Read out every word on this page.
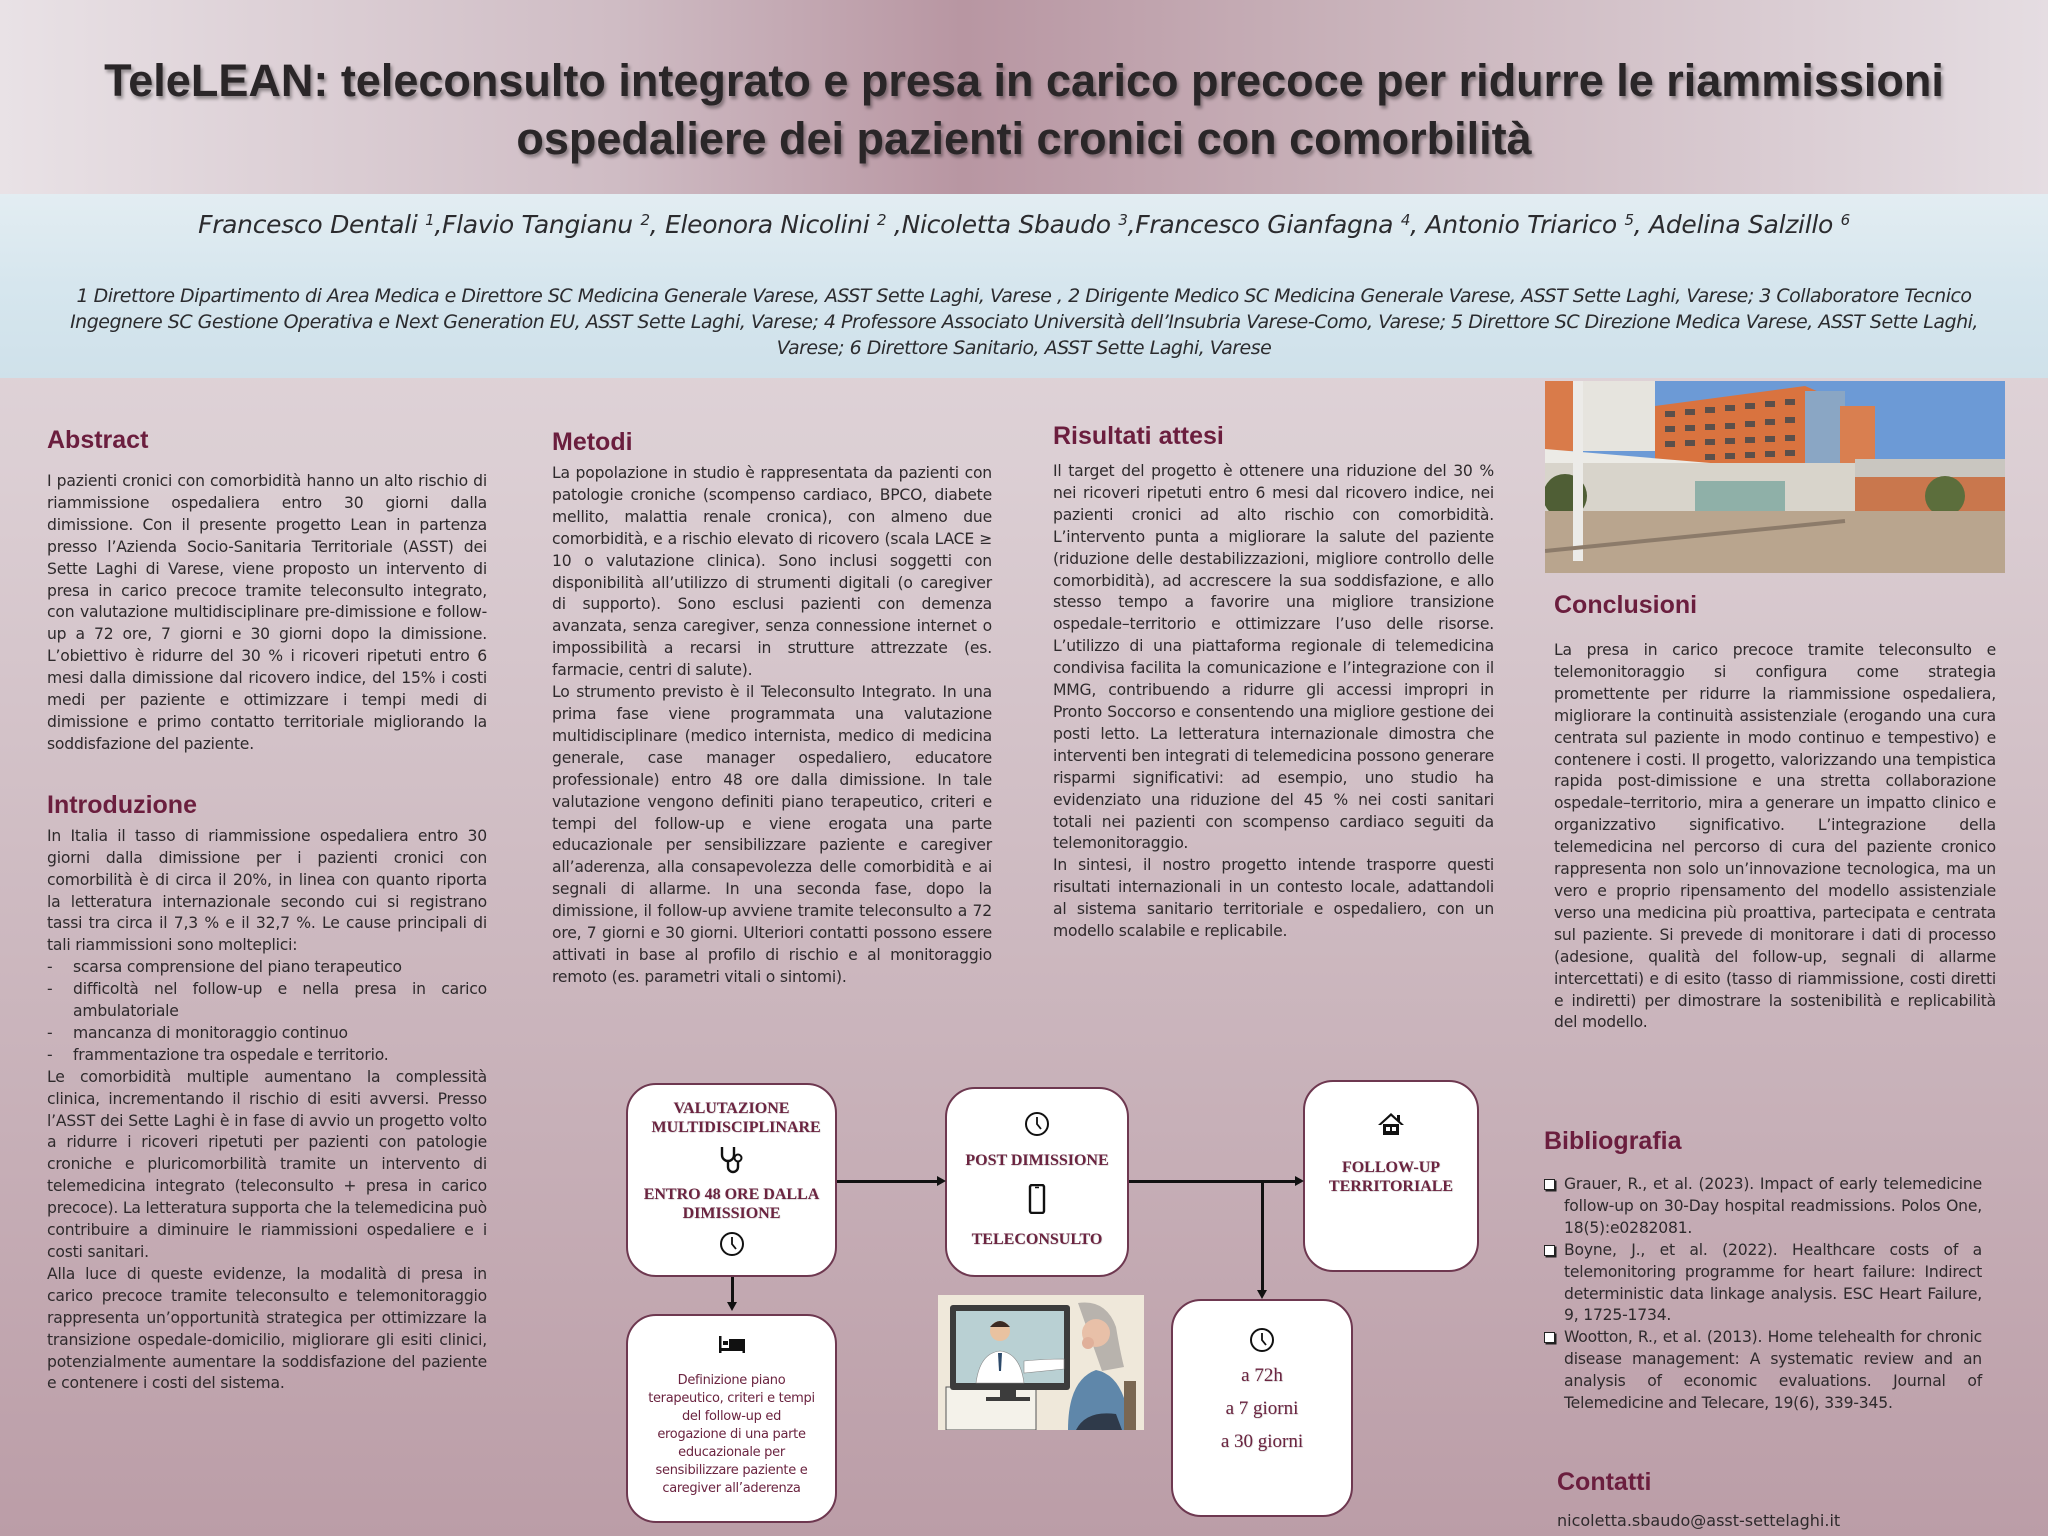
TeleLEAN: teleconsulto integrato e presa in carico precoce per ridurre le riammissioni
ospedaliere dei pazienti cronici con comorbilità
Francesco Dentali $^1$,Flavio Tangianu $^2$, Eleonora Nicolini $^2$ ,Nicoletta Sbaudo $^3$,Francesco Gianfagna $^4$, Antonio Triarico $^5$, Adelina Salzillo $^6$
1 Direttore Dipartimento di Area Medica e Direttore SC Medicina Generale Varese, ASST Sette Laghi, Varese , 2 Dirigente Medico SC Medicina Generale Varese, ASST Sette Laghi, Varese; 3 Collaboratore Tecnico Ingegnere SC Gestione Operativa e Next Generation EU, ASST Sette Laghi, Varese; 4 Professore Associato Università dell’Insubria Varese-Como, Varese; 5 Direttore SC Direzione Medica Varese, ASST Sette Laghi, Varese; 6 Direttore Sanitario, ASST Sette Laghi, Varese
Abstract
I pazienti cronici con comorbidità hanno un alto rischio di riammissione ospedaliera entro 30 giorni dalla dimissione. Con il presente progetto Lean in partenza presso l’Azienda Socio-Sanitaria Territoriale (ASST) dei Sette Laghi di Varese, viene proposto un intervento di presa in carico precoce tramite teleconsulto integrato, con valutazione multidisciplinare pre-dimissione e follow-up a 72 ore, 7 giorni e 30 giorni dopo la dimissione. L’obiettivo è ridurre del 30 % i ricoveri ripetuti entro 6 mesi dalla dimissione dal ricovero indice, del 15% i costi medi per paziente e ottimizzare i tempi medi di dimissione e primo contatto territoriale migliorando la soddisfazione del paziente.
Introduzione

In Italia il tasso di riammissione ospedaliera entro 30 giorni dalla dimissione per i pazienti cronici con comorbilità è di circa il 20%, in linea con quanto riporta la letteratura internazionale secondo cui si registrano tassi tra circa il 7,3 % e il 32,7 %. Le cause principali di tali riammissioni sono molteplici:

- scarsa comprensione del piano terapeutico
- difficoltà nel follow-up e nella presa in carico ambulatoriale
- mancanza di monitoraggio continuo
- frammentazione tra ospedale e territorio.

Le comorbidità multiple aumentano la complessità clinica, incrementando il rischio di esiti avversi. Presso l’ASST dei Sette Laghi è in fase di avvio un progetto volto a ridurre i ricoveri ripetuti per pazienti con patologie croniche e pluricomorbilità tramite un intervento di telemedicina integrato (teleconsulto + presa in carico precoce). La letteratura supporta che la telemedicina può contribuire a diminuire le riammissioni ospedaliere e i costi sanitari.

Alla luce di queste evidenze, la modalità di presa in carico precoce tramite teleconsulto e telemonitoraggio rappresenta un’opportunità strategica per ottimizzare la transizione ospedale-domicilio, migliorare gli esiti clinici, potenzialmente aumentare la soddisfazione del paziente e contenere i costi del sistema.

Metodi

La popolazione in studio è rappresentata da pazienti con patologie croniche (scompenso cardiaco, BPCO, diabete mellito, malattia renale cronica), con almeno due comorbidità, e a rischio elevato di ricovero (scala LACE ≥ 10 o valutazione clinica). Sono inclusi soggetti con disponibilità all’utilizzo di strumenti digitali (o caregiver di supporto). Sono esclusi pazienti con demenza avanzata, senza caregiver, senza connessione internet o impossibilità a recarsi in strutture attrezzate (es. farmacie, centri di salute).

Lo strumento previsto è il Teleconsulto Integrato. In una prima fase viene programmata una valutazione multidisciplinare (medico internista, medico di medicina generale, case manager ospedaliero, educatore professionale) entro 48 ore dalla dimissione. In tale valutazione vengono definiti piano terapeutico, criteri e tempi del follow-up e viene erogata una parte educazionale per sensibilizzare paziente e caregiver all’aderenza, alla consapevolezza delle comorbidità e ai segnali di allarme. In una seconda fase, dopo la dimissione, il follow-up avviene tramite teleconsulto a 72 ore, 7 giorni e 30 giorni. Ulteriori contatti possono essere attivati in base al profilo di rischio e al monitoraggio remoto (es. parametri vitali o sintomi).

Risultati attesi

Il target del progetto è ottenere una riduzione del 30 % nei ricoveri ripetuti entro 6 mesi dal ricovero indice, nei pazienti cronici ad alto rischio con comorbidità. L’intervento punta a migliorare la salute del paziente (riduzione delle destabilizzazioni, migliore controllo delle comorbidità), ad accrescere la sua soddisfazione, e allo stesso tempo a favorire una migliore transizione ospedale–territorio e ottimizzare l’uso delle risorse. L’utilizzo di una piattaforma regionale di telemedicina condivisa facilita la comunicazione e l’integrazione con il MMG, contribuendo a ridurre gli accessi impropri in Pronto Soccorso e consentendo una migliore gestione dei posti letto. La letteratura internazionale dimostra che interventi ben integrati di telemedicina possono generare risparmi significativi: ad esempio, uno studio ha evidenziato una riduzione del 45 % nei costi sanitari totali nei pazienti con scompenso cardiaco seguiti da telemonitoraggio.

In sintesi, il nostro progetto intende trasporre questi risultati internazionali in un contesto locale, adattandoli al sistema sanitario territoriale e ospedaliero, con un modello scalabile e replicabile.

Conclusioni
La presa in carico precoce tramite teleconsulto e telemonitoraggio si configura come strategia promettente per ridurre la riammissione ospedaliera, migliorare la continuità assistenziale (erogando una cura centrata sul paziente in modo continuo e tempestivo) e contenere i costi. Il progetto, valorizzando una tempistica rapida post-dimissione e una stretta collaborazione ospedale–territorio, mira a generare un impatto clinico e organizzativo significativo. L’integrazione della telemedicina nel percorso di cura del paziente cronico rappresenta non solo un’innovazione tecnologica, ma un vero e proprio ripensamento del modello assistenziale verso una medicina più proattiva, partecipata e centrata sul paziente. Si prevede di monitorare i dati di processo (adesione, qualità del follow-up, segnali di allarme intercettati) e di esito (tasso di riammissione, costi diretti e indiretti) per dimostrare la sostenibilità e replicabilità del modello.
Bibliografia
Grauer, R., et al. (2023). Impact of early telemedicine follow-up on 30-Day hospital readmissions. Polos One, 18(5):e0282081.
Boyne, J., et al. (2022). Healthcare costs of a telemonitoring programme for heart failure: Indirect deterministic data linkage analysis. ESC Heart Failure, 9, 1725-1734.
Wootton, R., et al. (2013). Home telehealth for chronic disease management: A systematic review and an analysis of economic evaluations. Journal of Telemedicine and Telecare, 19(6), 339-345.
Contatti
nicoletta.sbaudo@asst-settelaghi.it
VALUTAZIONE MULTIDISCIPLINARE
ENTRO 48 ORE DALLA DIMISSIONE
POST DIMISSIONE
TELECONSULTO
FOLLOW-UP TERRITORIALE
Definizione piano terapeutico, criteri e tempi del follow-up ed erogazione di una parte educazionale per sensibilizzare paziente e caregiver all’aderenza
a 72h
a 7 giorni
a 30 giorni
